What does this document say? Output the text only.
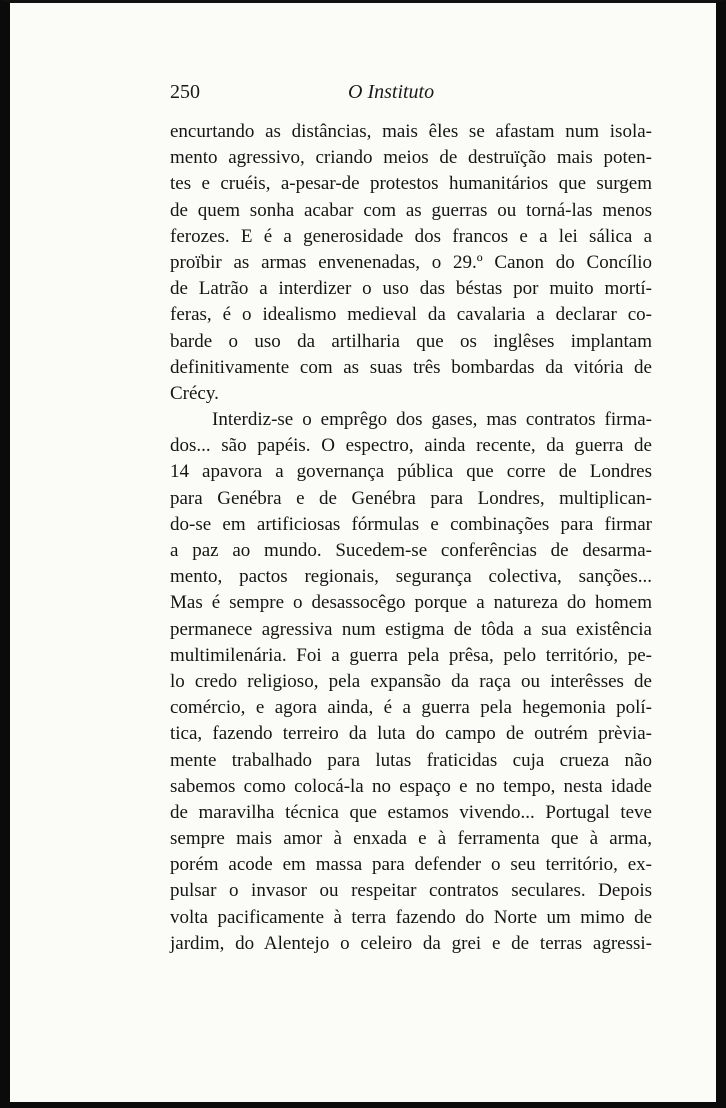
250	O Instituto
encurtando as distâncias, mais êles se afastam num isola-
mento agressivo, criando meios de destruïção mais poten-
tes e cruéis, a-pesar-de protestos humanitários que surgem
de quem sonha acabar com as guerras ou torná-las menos
ferozes. E é a generosidade dos francos e a lei sálica a
proïbir as armas envenenadas, o 29.º Canon do Concílio
de Latrão a interdizer o uso das béstas por muito mortí-
feras, é o idealismo medieval da cavalaria a declarar co-
barde o uso da artilharia que os inglêses implantam
definitivamente com as suas três bombardas da vitória de
Crécy.
Interdiz-se o emprêgo dos gases, mas contratos firma-
dos... são papéis. O espectro, ainda recente, da guerra de
14 apavora a governança pública que corre de Londres
para Genébra e de Genébra para Londres, multiplican-
do-se em artificiosas fórmulas e combinações para firmar
a paz ao mundo. Sucedem-se conferências de desarma-
mento, pactos regionais, segurança colectiva, sanções...
Mas é sempre o desassocêgo porque a natureza do homem
permanece agressiva num estigma de tôda a sua existência
multimilenária. Foi a guerra pela prêsa, pelo território, pe-
lo credo religioso, pela expansão da raça ou interêsses de
comércio, e agora ainda, é a guerra pela hegemonia polí-
tica, fazendo terreiro da luta do campo de outrém prèvia-
mente trabalhado para lutas fraticidas cuja crueza não
sabemos como colocá-la no espaço e no tempo, nesta idade
de maravilha técnica que estamos vivendo... Portugal teve
sempre mais amor à enxada e à ferramenta que à arma,
porém acode em massa para defender o seu território, ex-
pulsar o invasor ou respeitar contratos seculares. Depois
volta pacificamente à terra fazendo do Norte um mimo de
jardim, do Alentejo o celeiro da grei e de terras agressi-
